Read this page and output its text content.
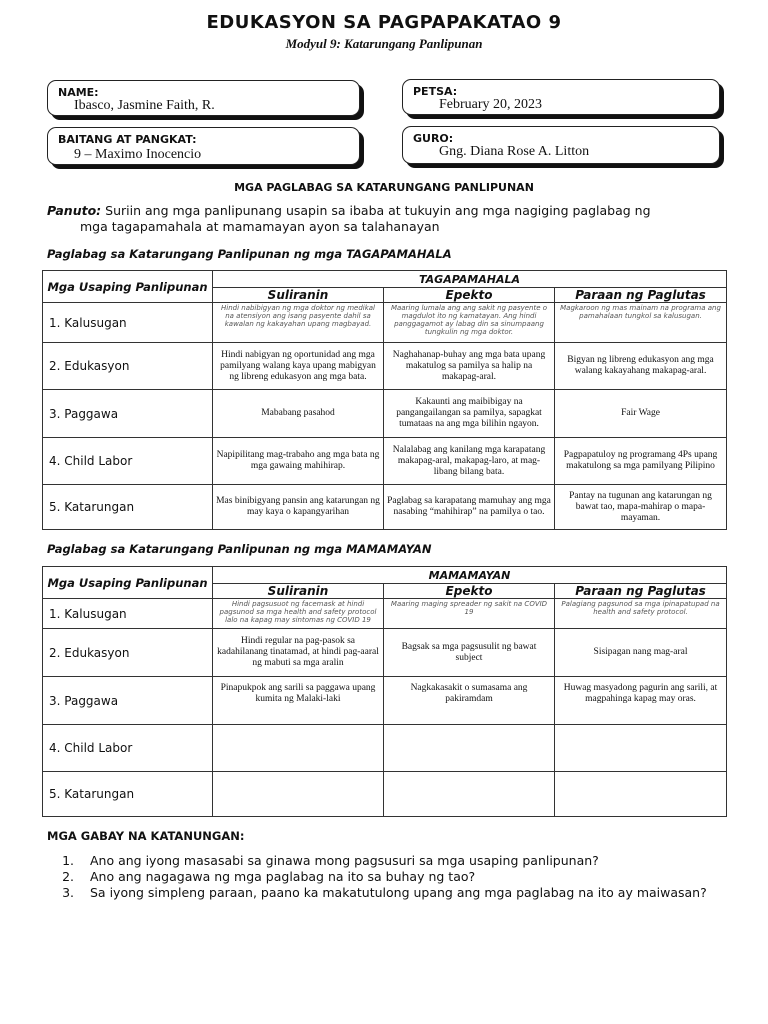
EDUKASYON SA PAGPAPAKATAO 9
Modyul 9: Katarungang Panlipunan
NAME:
Ibasco, Jasmine Faith, R.
PETSA:
February 20, 2023
BAITANG AT PANGKAT:
9 – Maximo Inocencio
GURO:
Gng. Diana Rose A. Litton
MGA PAGLABAG SA KATARUNGANG PANLIPUNAN
Panuto: Suriin ang mga panlipunang usapin sa ibaba at tukuyin ang mga nagiging paglabag ng
mga tagapamahala at mamamayan ayon sa talahanayan
Paglabag sa Katarungang Panlipunan ng mga TAGAPAMAHALA
Mga Usaping Panlipunan	TAGAPAMAHALA		
	Suliranin	Epekto	Paraan ng Paglutas
1. Kalusugan	Hindi nabibigyan ng mga doktor ng medikal na atensiyon ang isang pasyente dahil sa kawalan ng kakayahan upang magbayad.	Maaring lumala ang ang sakit ng pasyente o magdulot ito ng kamatayan. Ang hindi panggagamot ay labag din sa sinumpaang tungkulin ng mga doktor.	Magkaroon ng mas mainam na programa ang pamahalaan tungkol sa kalusugan.
2. Edukasyon	Hindi nabigyan ng oportunidad ang mga pamilyang walang kaya upang mabigyan ng libreng edukasyon ang mga bata.	Naghahanap-buhay ang mga bata upang makatulog sa pamilya sa halip na makapag-aral.	Bigyan ng libreng edukasyon ang mga walang kakayahang makapag-aral.
3. Paggawa	Mababang pasahod	Kakaunti ang maibibigay na pangangailangan sa pamilya, sapagkat tumataas na ang mga bilihin ngayon.	Fair Wage
4. Child Labor	Napipilitang mag-trabaho ang mga bata ng mga gawaing mahihirap.	Nalalabag ang kanilang mga karapatang makapag-aral, makapag-laro, at mag-libang bilang bata.	Pagpapatuloy ng programang 4Ps upang makatulong sa mga pamilyang Pilipino
5. Katarungan	Mas binibigyang pansin ang katarungan ng may kaya o kapangyarihan	Paglabag sa karapatang mamuhay ang mga nasabing “mahihirap” na pamilya o tao.	Pantay na tugunan ang katarungan ng bawat tao, mapa-mahirap o mapa-mayaman.
Paglabag sa Katarungang Panlipunan ng mga MAMAMAYAN
Mga Usaping Panlipunan	MAMAMAYAN		
	Suliranin	Epekto	Paraan ng Paglutas
1. Kalusugan	Hindi pagsusuot ng facemask at hindi pagsunod sa mga health and safety protocol lalo na kapag may sintomas ng COVID 19	Maaring maging spreader ng sakit na COVID 19	Palagiang pagsunod sa mga ipinapatupad na health and safety protocol.
2. Edukasyon	Hindi regular na pag-pasok sa kadahilanang tinatamad, at hindi pag-aaral ng mabuti sa mga aralin	Bagsak sa mga pagsusulit ng bawat subject	Sisipagan nang mag-aral
3. Paggawa	Pinapukpok ang sarili sa paggawa upang kumita ng Malaki-laki	Nagkakasakit o sumasama ang pakiramdam	Huwag masyadong pagurin ang sarili, at magpahinga kapag may oras.
4. Child Labor			
5. Katarungan			
MGA GABAY NA KATANUNGAN:
1. Ano ang iyong masasabi sa ginawa mong pagsusuri sa mga usaping panlipunan?
2. Ano ang nagagawa ng mga paglabag na ito sa buhay ng tao?
3. Sa iyong simpleng paraan, paano ka makatutulong upang ang mga paglabag na ito ay maiwasan?
